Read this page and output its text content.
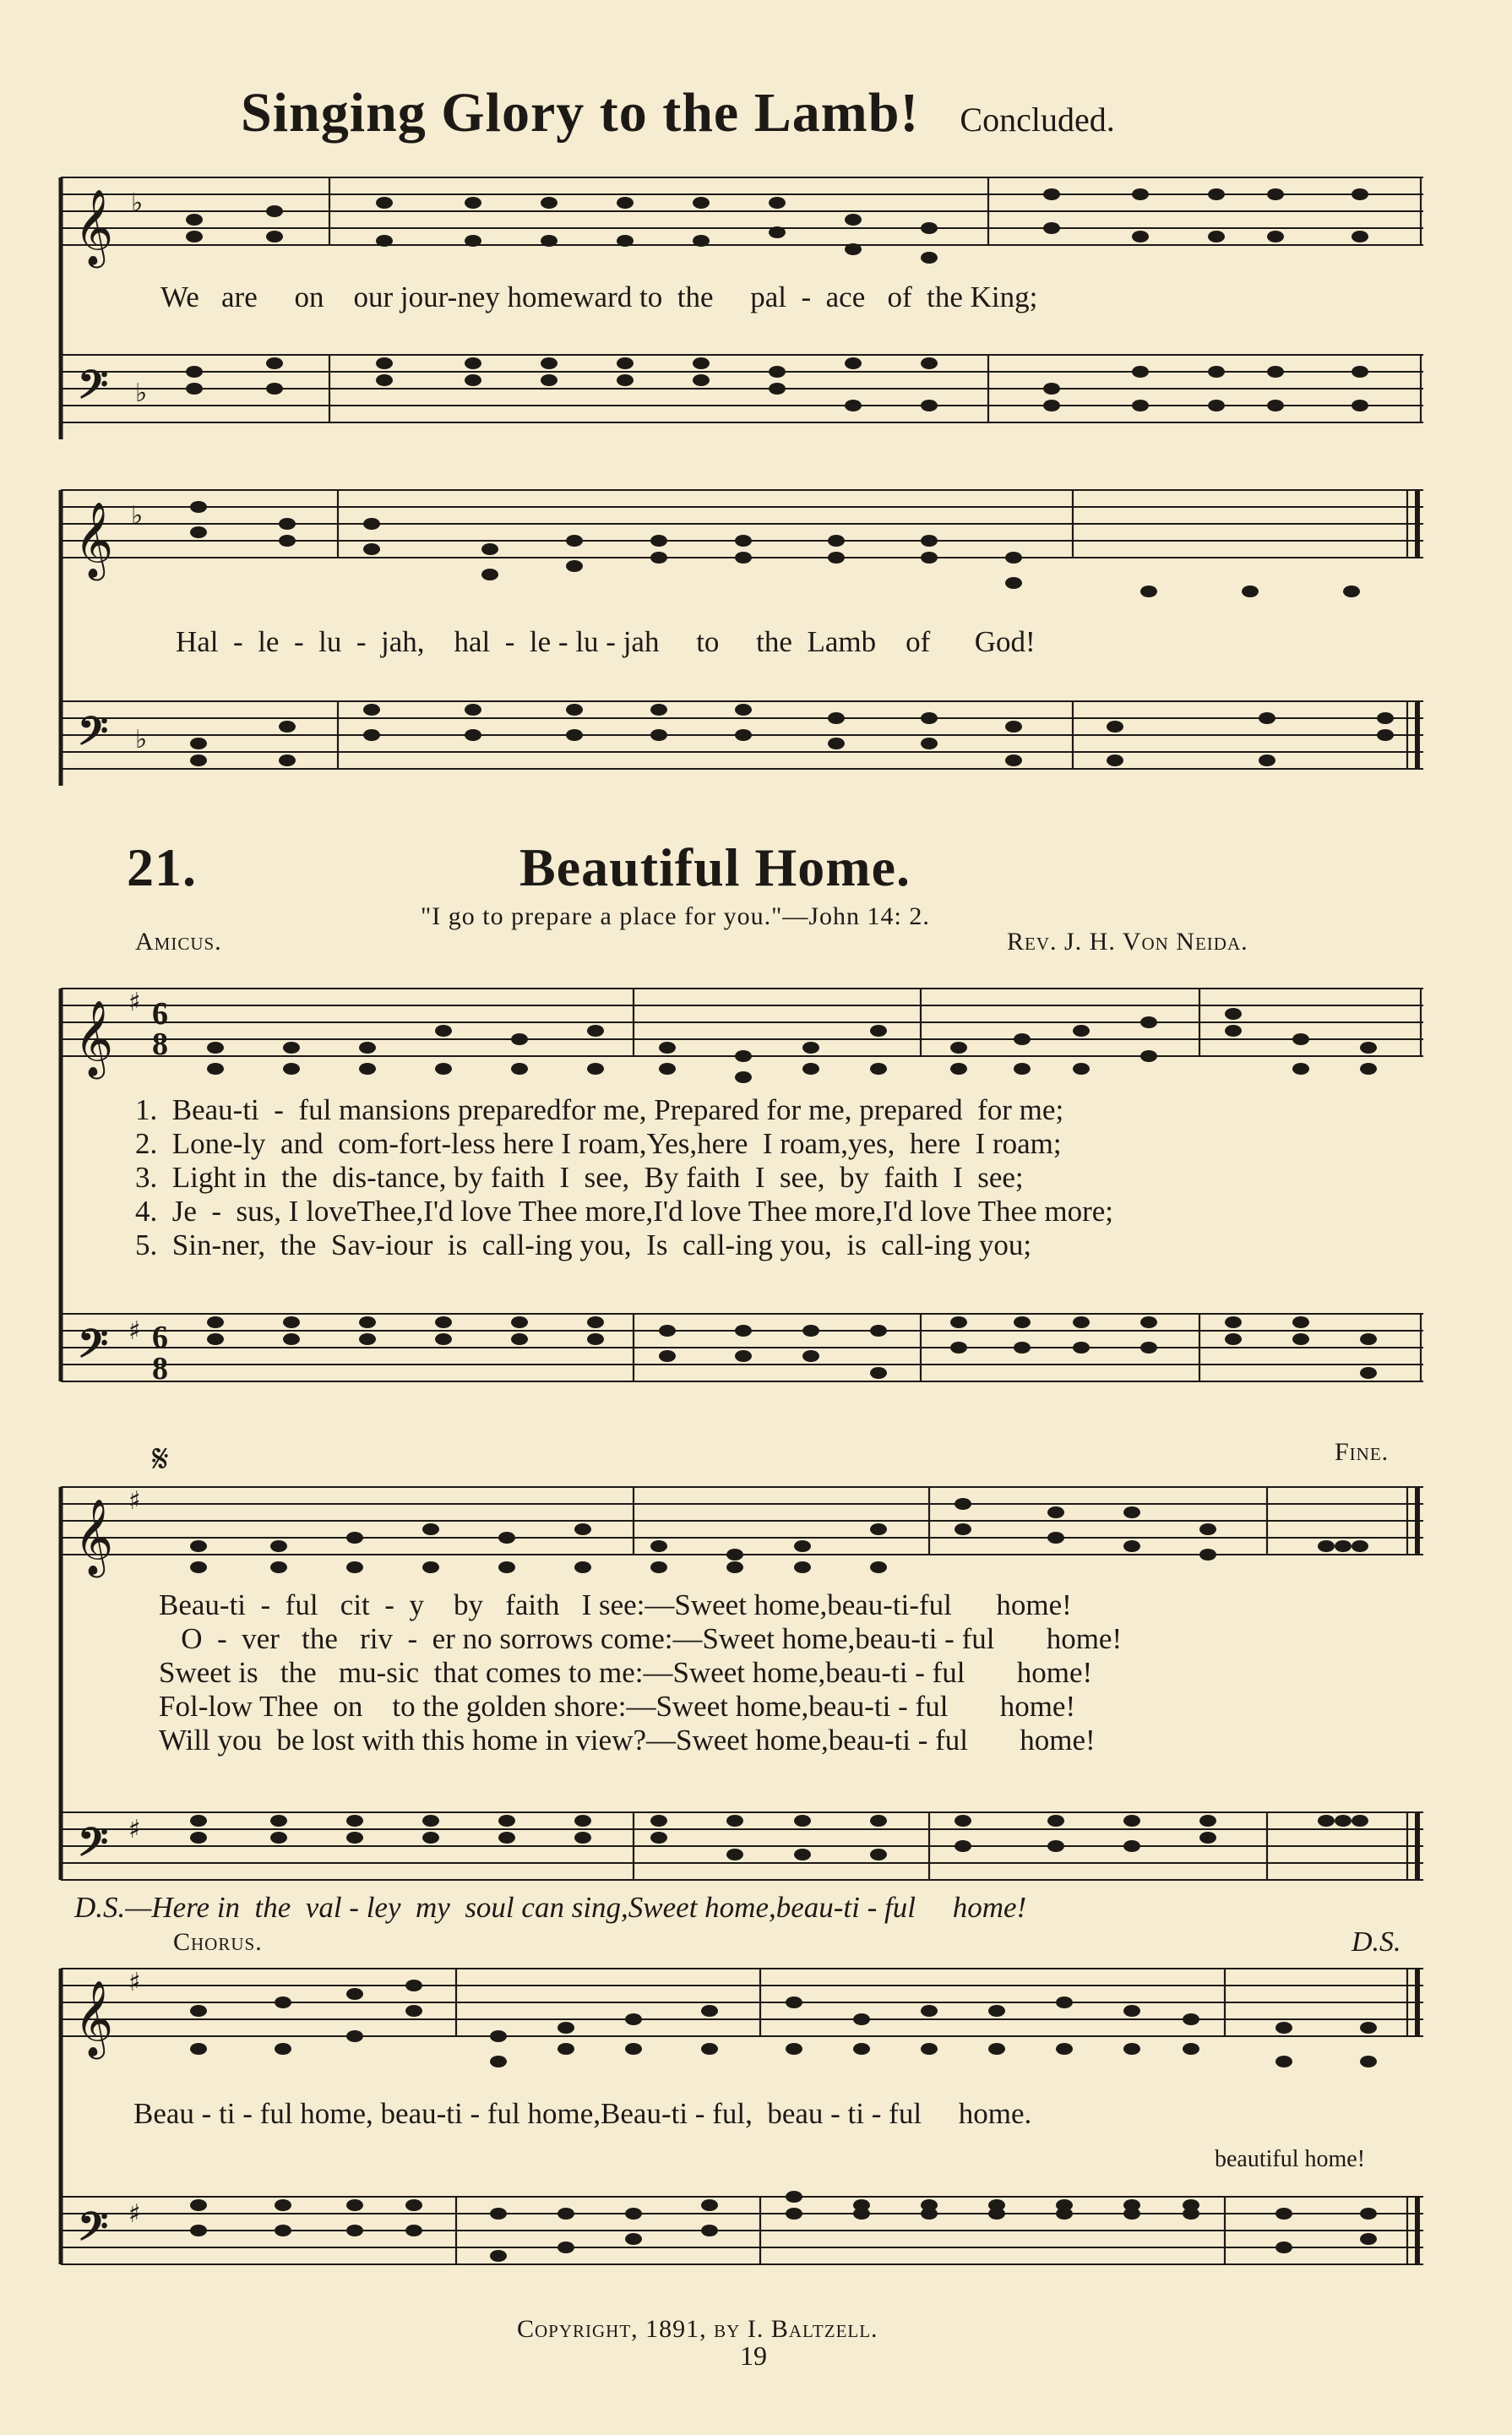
Singing Glory to the Lamb! Concluded.
𝄞 ♭
𝄢 ♭
We   are     on    our jour-ney homeward to  the     pal  -  ace   of  the King;
𝄞 ♭
𝄢 ♭
Hal  -  le  -  lu  -  jah,    hal  -  le - lu - jah     to     the  Lamb    of      God!
21.	Beautiful Home.
"I go to prepare a place for you."—John 14: 2.
Amicus.	Rev. J. H. Von Neida.
𝄞 ♯ 6
8
𝄢 ♯ 6
8
1.  Beau-ti  -  ful mansions preparedfor me, Prepared for me, prepared  for me;
2.  Lone-ly  and  com-fort-less here I roam,Yes,here  I roam,yes,  here  I roam;
3.  Light in  the  dis-tance, by faith  I  see,  By faith  I  see,  by  faith  I  see;
4.  Je  -  sus, I loveThee,I'd love Thee more,I'd love Thee more,I'd love Thee more;
5.  Sin-ner,  the  Sav-iour  is  call-ing you,  Is  call-ing you,  is  call-ing you;
𝄋	Fine.
𝄞 ♯
𝄢 ♯
Beau-ti  -  ful   cit  -  y    by   faith   I see:—Sweet home,beau-ti-ful      home!
O  -  ver   the   riv  -  er no sorrows come:—Sweet home,beau-ti - ful       home!
Sweet is   the   mu-sic  that comes to me:—Sweet home,beau-ti - ful       home!
Fol-low Thee  on    to the golden shore:—Sweet home,beau-ti - ful       home!
Will you  be lost with this home in view?—Sweet home,beau-ti - ful       home!
D.S.—Here in  the  val - ley  my  soul can sing,Sweet home,beau-ti - ful     home!
Chorus.	D.S.
𝄞 ♯
𝄢 ♯
Beau - ti - ful home, beau-ti - ful home,Beau-ti - ful,  beau - ti - ful     home.
beautiful home!
Copyright, 1891, by I. Baltzell.
19
